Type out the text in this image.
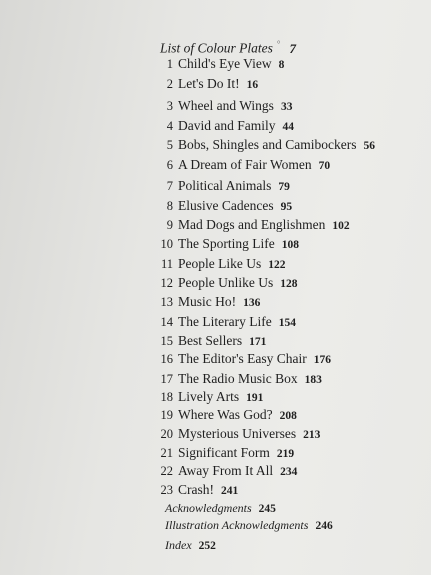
List of Colour Plates ° 7
1 Child's Eye View 8
2 Let's Do It! 16
3 Wheel and Wings 33
4 David and Family 44
5 Bobs, Shingles and Camibockers 56
6 A Dream of Fair Women 70
7 Political Animals 79
8 Elusive Cadences 95
9 Mad Dogs and Englishmen 102
10 The Sporting Life 108
11 People Like Us 122
12 People Unlike Us 128
13 Music Ho! 136
14 The Literary Life 154
15 Best Sellers 171
16 The Editor's Easy Chair 176
17 The Radio Music Box 183
18 Lively Arts 191
19 Where Was God? 208
20 Mysterious Universes 213
21 Significant Form 219
22 Away From It All 234
23 Crash! 241
Acknowledgments 245
Illustration Acknowledgments 246
Index 252
